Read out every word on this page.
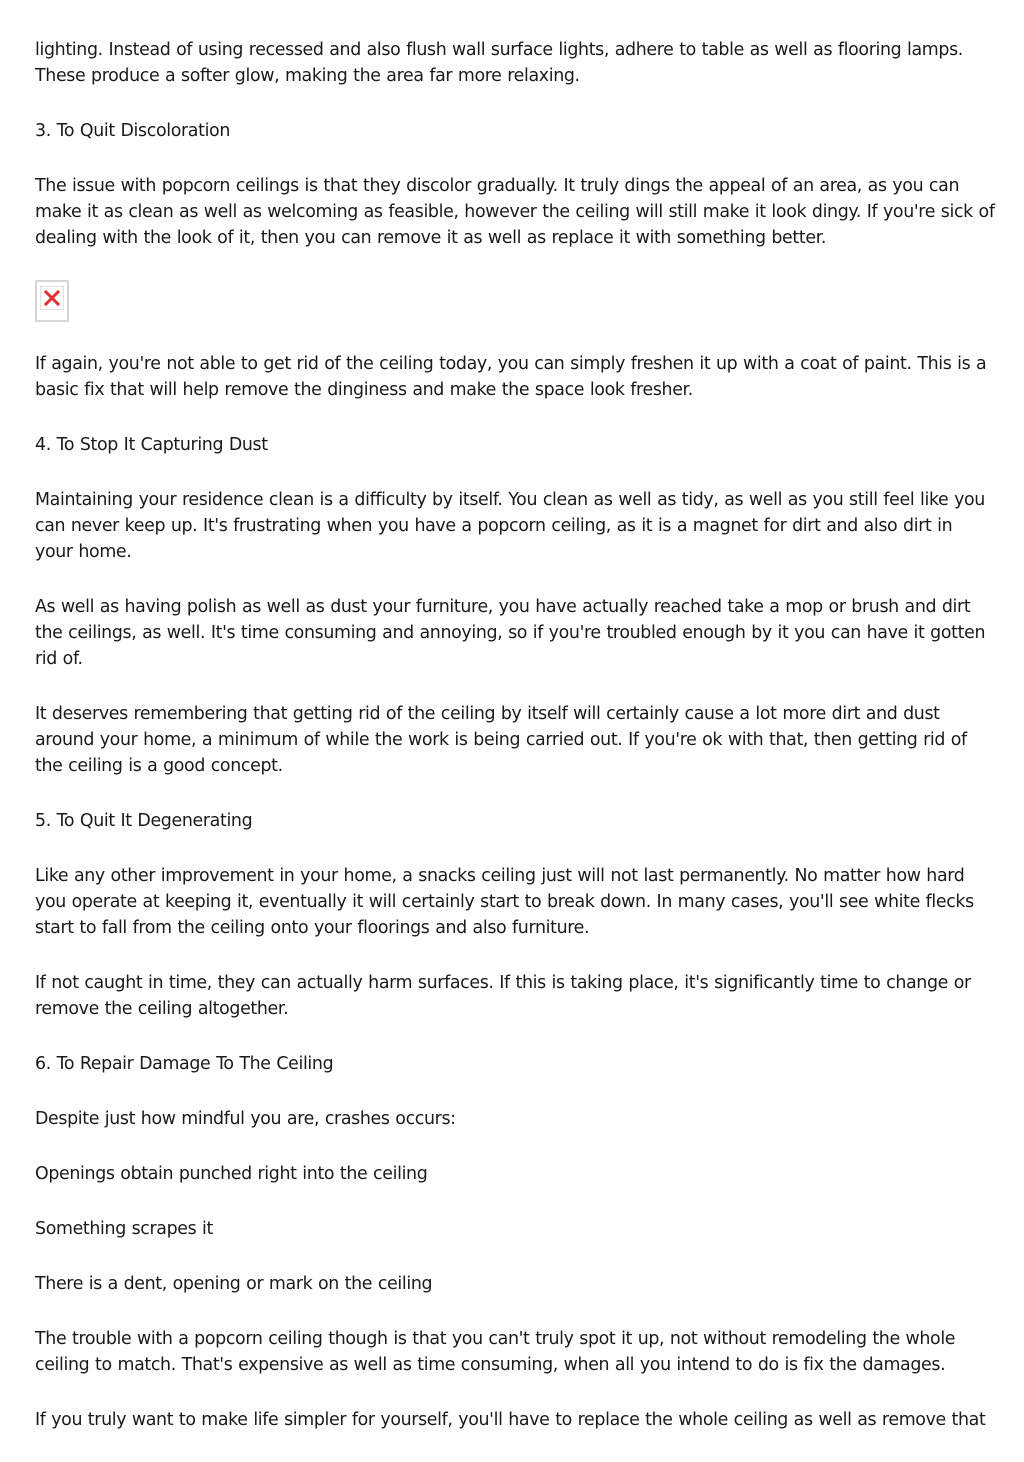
lighting. Instead of using recessed and also flush wall surface lights, adhere to table as well as flooring lamps. These produce a softer glow, making the area far more relaxing.

3. To Quit Discoloration

The issue with popcorn ceilings is that they discolor gradually. It truly dings the appeal of an area, as you can make it as clean as well as welcoming as feasible, however the ceiling will still make it look dingy. If you're sick of dealing with the look of it, then you can remove it as well as replace it with something better.

If again, you're not able to get rid of the ceiling today, you can simply freshen it up with a coat of paint. This is a basic fix that will help remove the dinginess and make the space look fresher.

4. To Stop It Capturing Dust

Maintaining your residence clean is a difficulty by itself. You clean as well as tidy, as well as you still feel like you can never keep up. It's frustrating when you have a popcorn ceiling, as it is a magnet for dirt and also dirt in your home.

As well as having polish as well as dust your furniture, you have actually reached take a mop or brush and dirt the ceilings, as well. It's time consuming and annoying, so if you're troubled enough by it you can have it gotten rid of.

It deserves remembering that getting rid of the ceiling by itself will certainly cause a lot more dirt and dust around your home, a minimum of while the work is being carried out. If you're ok with that, then getting rid of the ceiling is a good concept.

5. To Quit It Degenerating

Like any other improvement in your home, a snacks ceiling just will not last permanently. No matter how hard you operate at keeping it, eventually it will certainly start to break down. In many cases, you'll see white flecks start to fall from the ceiling onto your floorings and also furniture.

If not caught in time, they can actually harm surfaces. If this is taking place, it's significantly time to change or remove the ceiling altogether.

6. To Repair Damage To The Ceiling

Despite just how mindful you are, crashes occurs:

Openings obtain punched right into the ceiling

Something scrapes it

There is a dent, opening or mark on the ceiling

The trouble with a popcorn ceiling though is that you can't truly spot it up, not without remodeling the whole ceiling to match. That's expensive as well as time consuming, when all you intend to do is fix the damages.

If you truly want to make life simpler for yourself, you'll have to replace the whole ceiling as well as remove that
